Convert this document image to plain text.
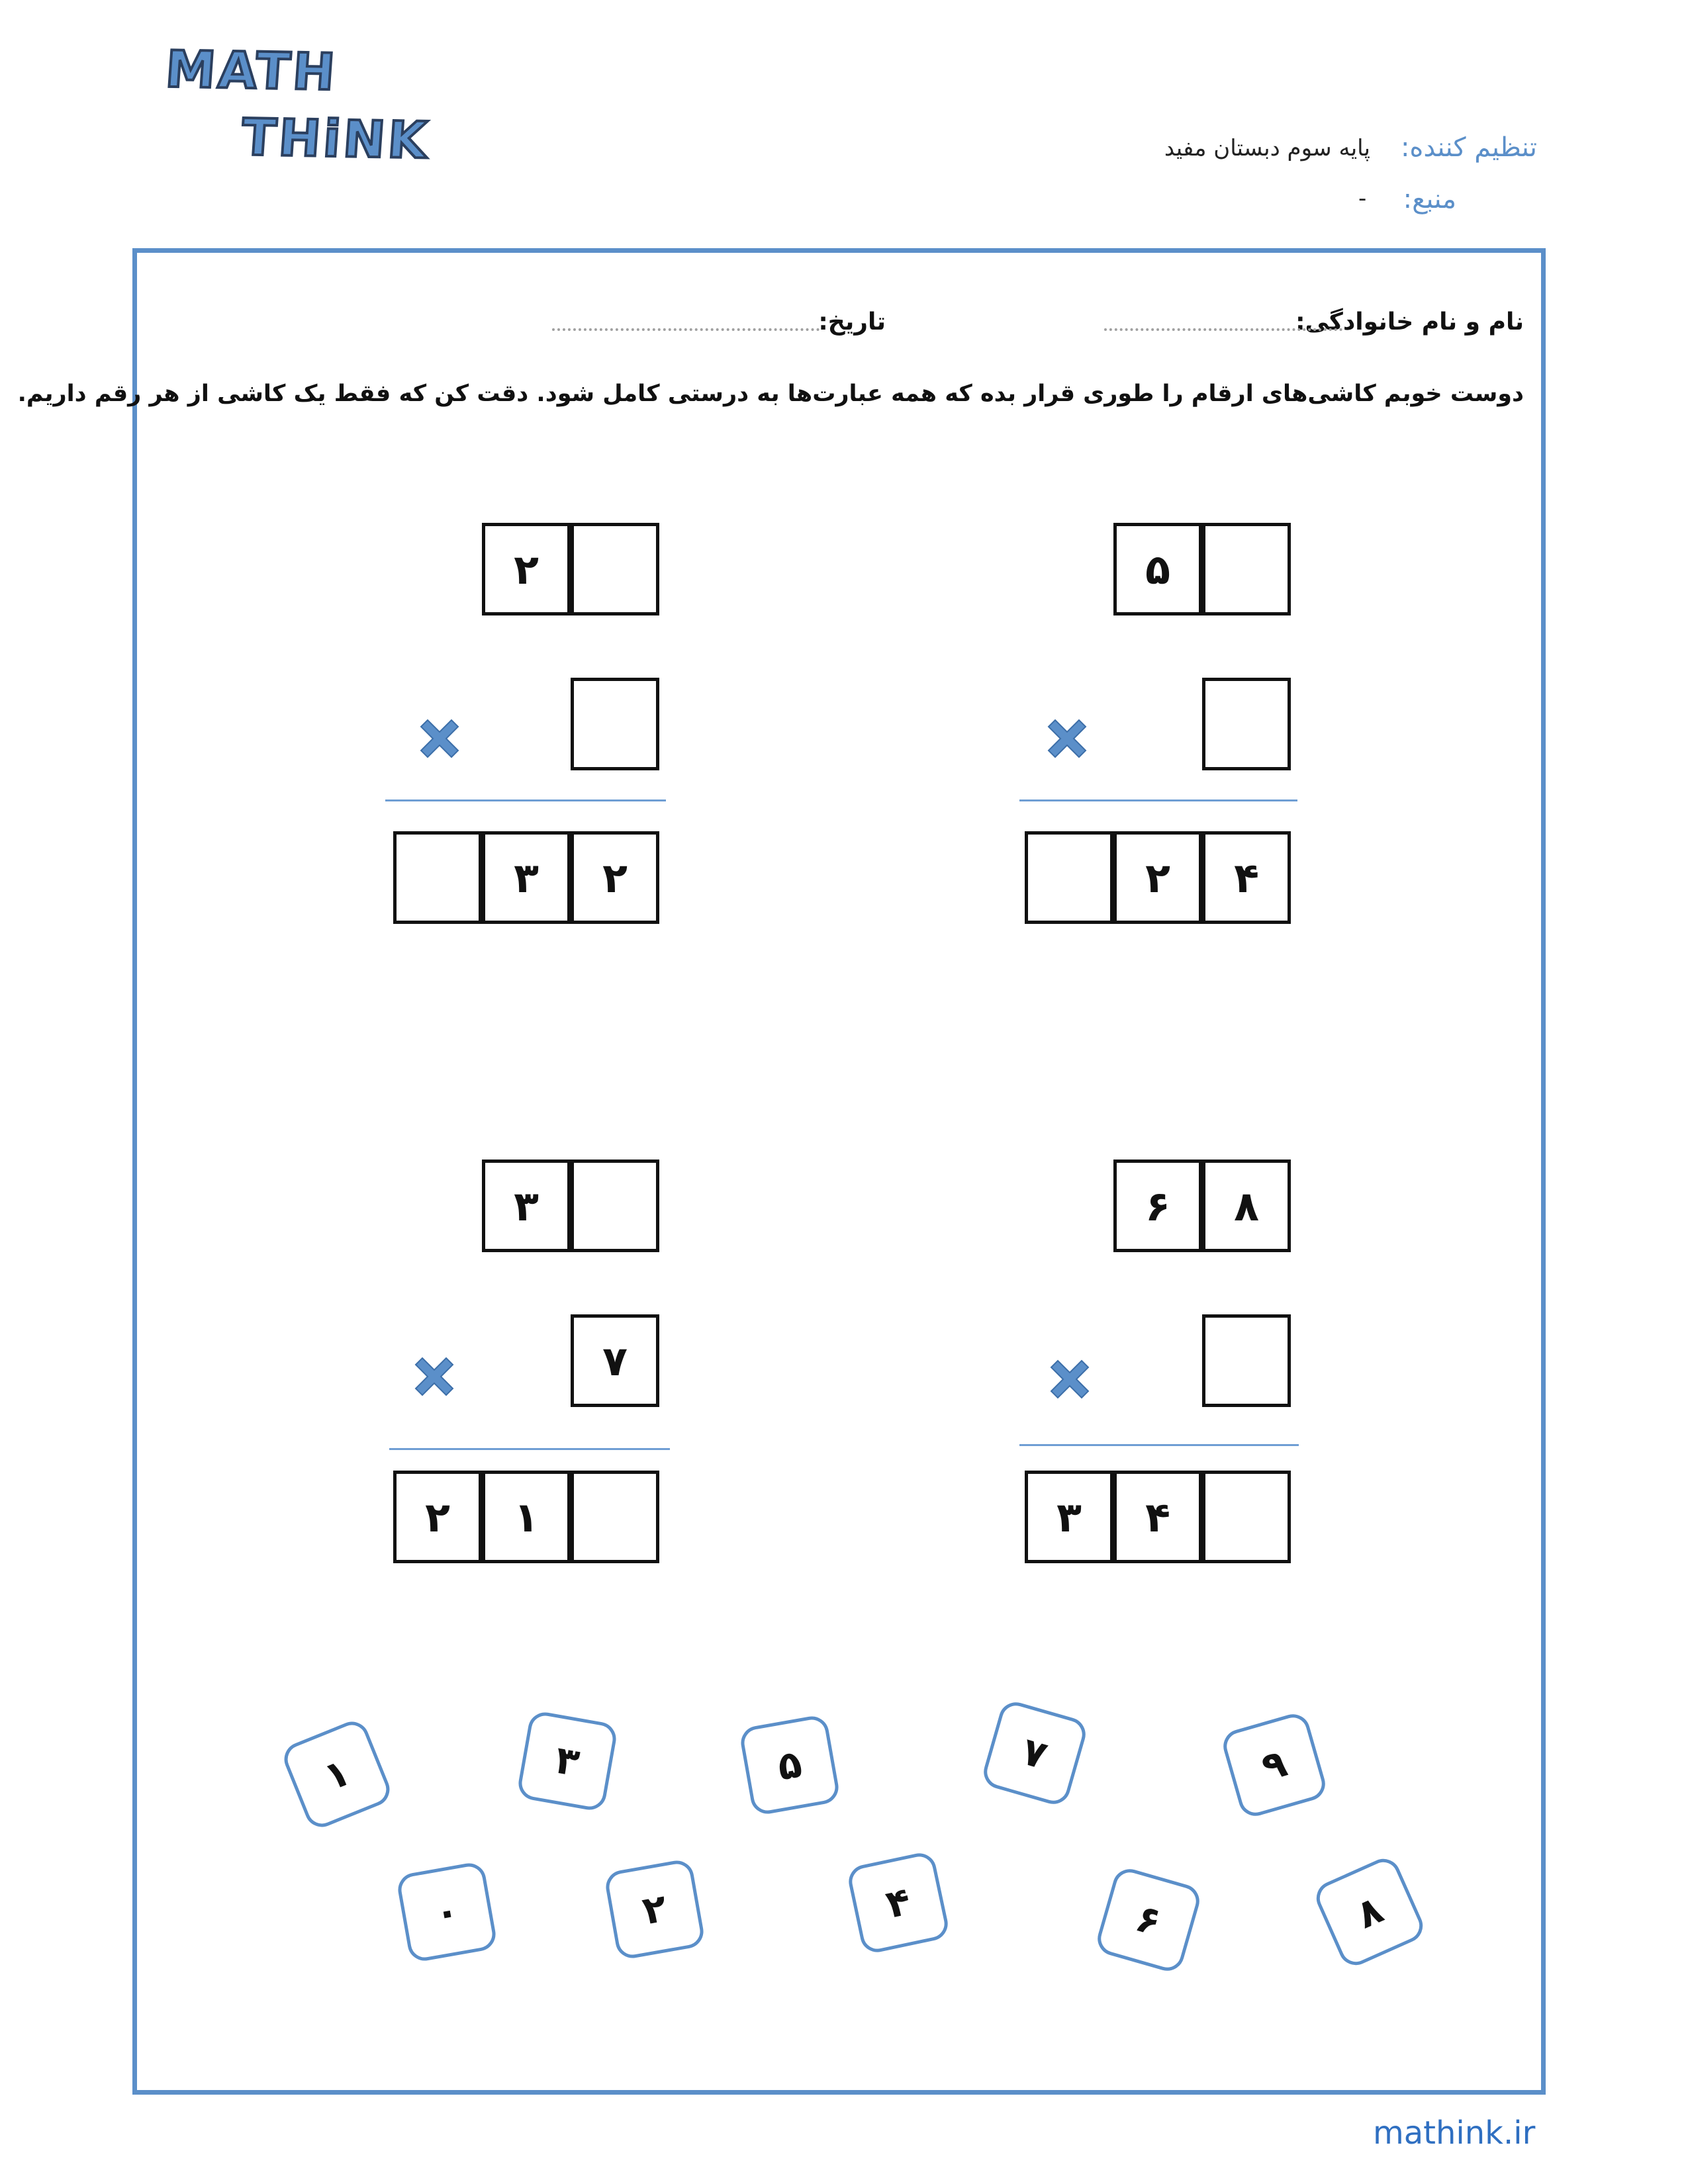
MATH
THiNK	تنظیم کننده:
پایه سوم دبستان مفید
منبع:
-
نام و نام خانوادگی:
تاریخ:
دوست خوبم کاشی‌های ارقام را طوری قرار بده که همه عبارت‌ها به درستی کامل شود. دقت کن که فقط یک کاشی از هر رقم داریم.
۵
۴
۲
۲
۲
۳
۸
۶
۴
۳
۳
۷
۱
۲
۱	۳	۵	۷	۹
۰	۲	۴	۶	۸
mathink.ir
